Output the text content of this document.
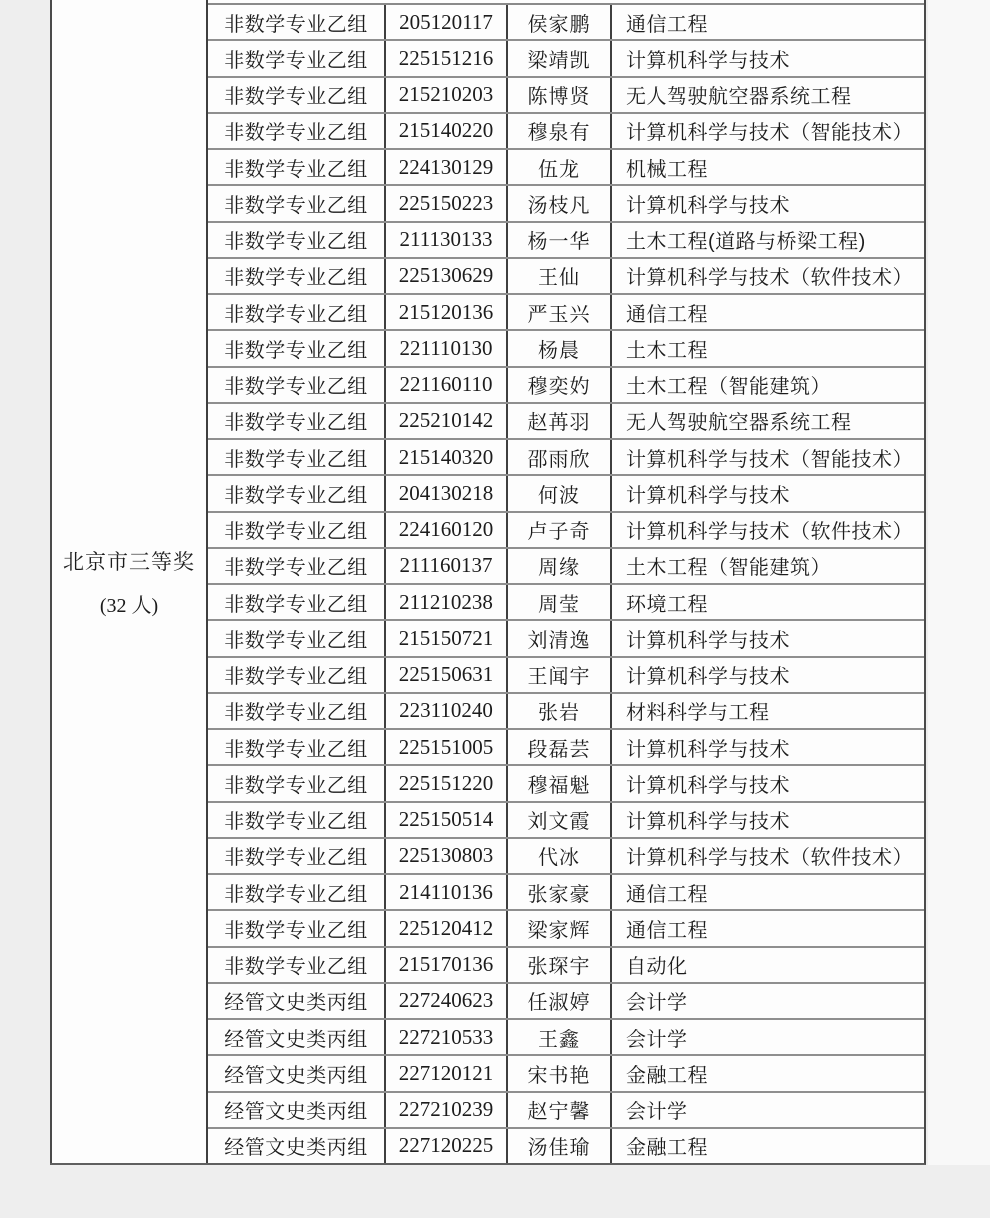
北京市三等奖
(32 人)
非数学专业乙组	205120117	侯家鹏	通信工程
非数学专业乙组	225151216	梁靖凯	计算机科学与技术
非数学专业乙组	215210203	陈博贤	无人驾驶航空器系统工程
非数学专业乙组	215140220	穆泉有	计算机科学与技术（智能技术）
非数学专业乙组	224130129	伍龙	机械工程
非数学专业乙组	225150223	汤枝凡	计算机科学与技术
非数学专业乙组	211130133	杨一华	土木工程(道路与桥梁工程)
非数学专业乙组	225130629	王仙	计算机科学与技术（软件技术）
非数学专业乙组	215120136	严玉兴	通信工程
非数学专业乙组	221110130	杨晨	土木工程
非数学专业乙组	221160110	穆奕妁	土木工程（智能建筑）
非数学专业乙组	225210142	赵苒羽	无人驾驶航空器系统工程
非数学专业乙组	215140320	邵雨欣	计算机科学与技术（智能技术）
非数学专业乙组	204130218	何波	计算机科学与技术
非数学专业乙组	224160120	卢子奇	计算机科学与技术（软件技术）
非数学专业乙组	211160137	周缘	土木工程（智能建筑）
非数学专业乙组	211210238	周莹	环境工程
非数学专业乙组	215150721	刘清逸	计算机科学与技术
非数学专业乙组	225150631	王闻宇	计算机科学与技术
非数学专业乙组	223110240	张岩	材料科学与工程
非数学专业乙组	225151005	段磊芸	计算机科学与技术
非数学专业乙组	225151220	穆福魁	计算机科学与技术
非数学专业乙组	225150514	刘文霞	计算机科学与技术
非数学专业乙组	225130803	代冰	计算机科学与技术（软件技术）
非数学专业乙组	214110136	张家豪	通信工程
非数学专业乙组	225120412	梁家辉	通信工程
非数学专业乙组	215170136	张琛宇	自动化
经管文史类丙组	227240623	任淑婷	会计学
经管文史类丙组	227210533	王鑫	会计学
经管文史类丙组	227120121	宋书艳	金融工程
经管文史类丙组	227210239	赵宁馨	会计学
经管文史类丙组	227120225	汤佳瑜	金融工程
